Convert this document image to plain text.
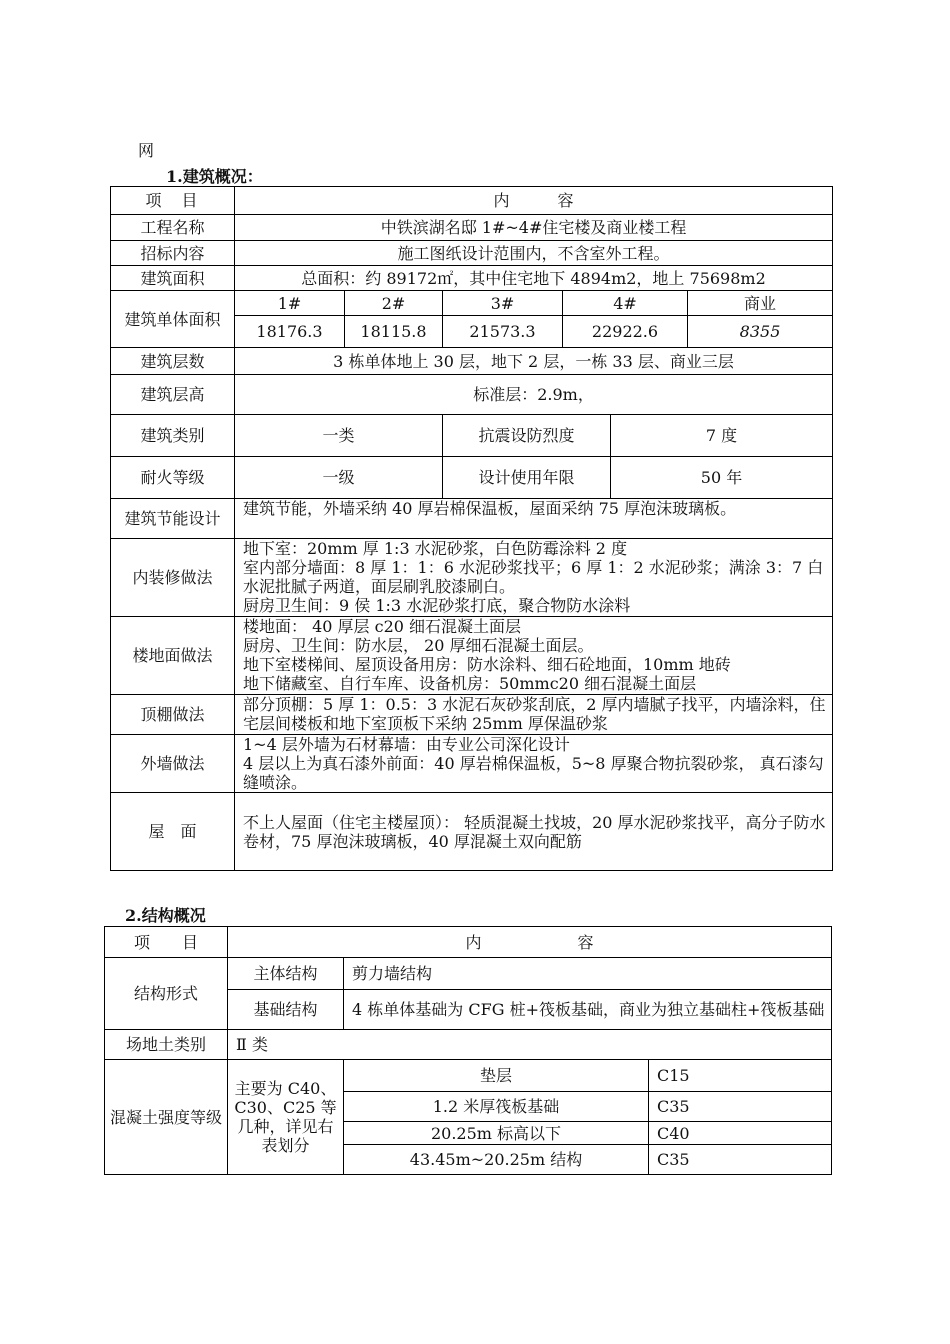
网
1.建筑概况：
项　目	内　　　容					
工程名称	中铁滨湖名邸 1#~4#住宅楼及商业楼工程					
招标内容	施工图纸设计范围内，不含室外工程。					
建筑面积	总面积：约 89172㎡，其中住宅地下 4894m2，地上 75698m2					
建筑单体面积	1#	2#	3#	4#		商业
	18176.3	18115.8	21573.3	22922.6		8355
建筑层数	3 栋单体地上 30 层，地下 2 层，一栋 33 层、商业三层					
建筑层高	标准层：2.9m，					
建筑类别	一类		抗震设防烈度		7 度	
耐火等级	一级		设计使用年限		50 年	
建筑节能设计	建筑节能，外墙采纳 40 厚岩棉保温板，屋面采纳 75 厚泡沫玻璃板。					
内装修做法	地下室：20mm 厚 1:3 水泥砂浆，白色防霉涂料 2 度
室内部分墙面：8 厚 1：1：6 水泥砂浆找平；6 厚 1：2 水泥砂浆；满涂 3：7 白水泥批腻子两道，面层刷乳胶漆刷白。
厨房卫生间：9 侯 1:3 水泥砂浆打底，聚合物防水涂料					

楼地面做法	楼地面： 40 厚层 c20 细石混凝土面层
厨房、卫生间：防水层， 20 厚细石混凝土面层。
地下室楼梯间、屋顶设备用房：防水涂料、细石砼地面，10mm 地砖
地下储藏室、自行车库、设备机房：50mmc20 细石混凝土面层					

顶棚做法	部分顶棚：5 厚 1：0.5：3 水泥石灰砂浆刮底，2 厚内墙腻子找平，内墙涂料，住宅层间楼板和地下室顶板下采纳 25mm 厚保温砂浆					
外墙做法	1~4 层外墙为石材幕墙：由专业公司深化设计
4 层以上为真石漆外前面：40 厚岩棉保温板，5~8 厚聚合物抗裂砂浆， 真石漆勾缝喷涂。					

屋　面	不上人屋面（住宅主楼屋顶）： 轻质混凝土找坡，20 厚水泥砂浆找平，高分子防水卷材，75 厚泡沫玻璃板，40 厚混凝土双向配筋					
2.结构概况
项　　目	内　　　　　　容		
结构形式	主体结构	剪力墙结构	
	基础结构	4 栋单体基础为 CFG 桩+筏板基础，商业为独立基础柱+筏板基础	
场地土类别	Ⅱ 类		
混凝土强度等级	主要为 C40、C30、C25 等几种，详见右表划分	垫层	C15
		1.2 米厚筏板基础	C35
		20.25m 标高以下	C40
		43.45m~20.25m 结构	C35
